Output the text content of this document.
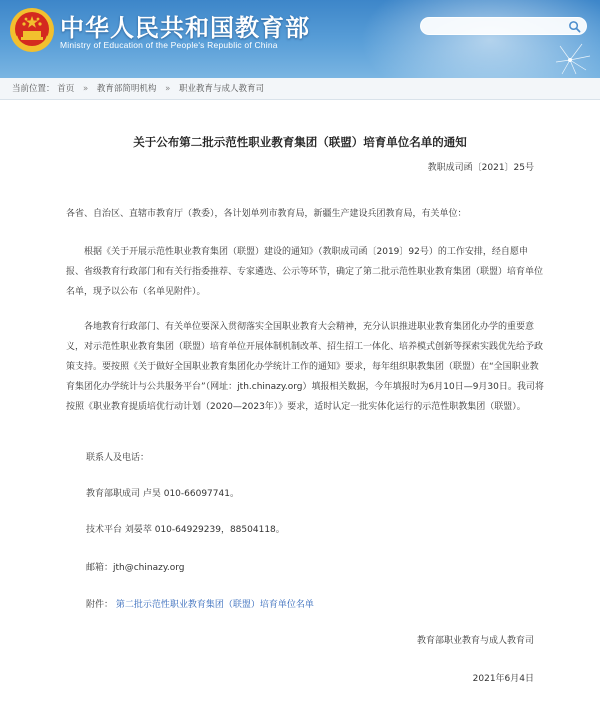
中华人民共和国教育部
Ministry of Education of the People's Republic of China
当前位置： 首页 » 教育部简明机构 » 职业教育与成人教育司
关于公布第二批示范性职业教育集团（联盟）培育单位名单的通知
教职成司函〔2021〕25号
各省、自治区、直辖市教育厅（教委），各计划单列市教育局，新疆生产建设兵团教育局，有关单位：
根据《关于开展示范性职业教育集团（联盟）建设的通知》（教职成司函〔2019〕92号）的工作安排，经自愿申报、省级教育行政部门和有关行指委推荐、专家遴选、公示等环节，确定了第二批示范性职业教育集团（联盟）培育单位名单，现予以公布（名单见附件）。
各地教育行政部门、有关单位要深入贯彻落实全国职业教育大会精神，充分认识推进职业教育集团化办学的重要意义，对示范性职业教育集团（联盟）培育单位开展体制机制改革、招生招工一体化、培养模式创新等探索实践优先给予政策支持。要按照《关于做好全国职业教育集团化办学统计工作的通知》要求，每年组织职教集团（联盟）在“全国职业教育集团化办学统计与公共服务平台”（网址：jth.chinazy.org）填报相关数据，今年填报时为6月10日—9月30日。我司将按照《职业教育提质培优行动计划（2020—2023年）》要求，适时认定一批实体化运行的示范性职教集团（联盟）。
联系人及电话：
教育部职成司 卢昊 010-66097741。
技术平台 刘晏萃 010-64929239，88504118。
邮箱：jth@chinazy.org
附件： 第二批示范性职业教育集团（联盟）培育单位名单
教育部职业教育与成人教育司
2021年6月4日
